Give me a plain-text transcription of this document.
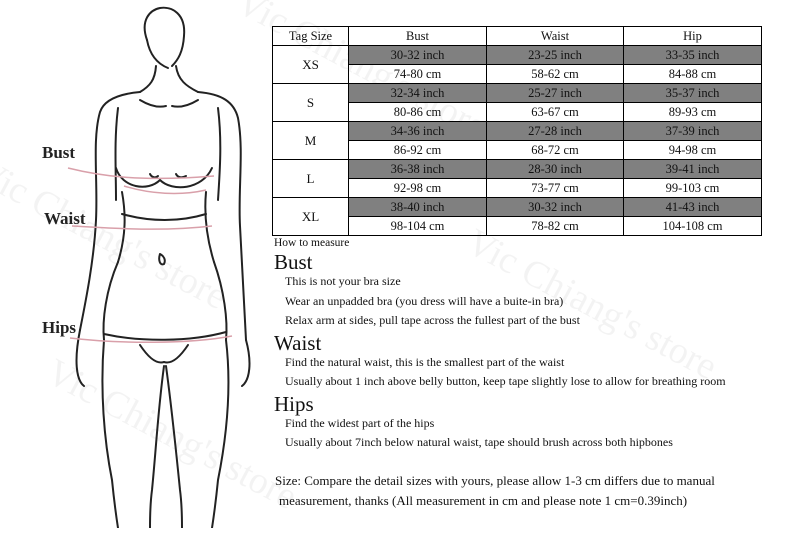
Bust
Waist
Hips
Tag Size	Bust	Waist	Hip
XS	30-32 inch	23-25 inch	33-35 inch
	74-80 cm	58-62 cm	84-88 cm
S	32-34 inch	25-27 inch	35-37 inch
	80-86 cm	63-67 cm	89-93 cm
M	34-36 inch	27-28 inch	37-39 inch
	86-92 cm	68-72 cm	94-98 cm
L	36-38 inch	28-30 inch	39-41 inch
	92-98 cm	73-77 cm	99-103 cm
XL	38-40 inch	30-32 inch	41-43 inch
	98-104 cm	78-82 cm	104-108 cm
How to measure
Bust
This is not your bra size
Wear an unpadded bra (you dress will have a buite-in bra)
Relax arm at sides, pull tape across the fullest part of the bust
Waist
Find the natural waist, this is the smallest part of the waist
Usually about 1 inch above belly button, keep tape slightly lose to allow for breathing room
Hips
Find the widest part of the hips
Usually about 7inch below natural waist, tape should brush across both hipbones
Size: Compare the detail sizes with yours, please allow 1-3 cm differs due to manual
measurement, thanks (All measurement in cm and please note 1 cm=0.39inch)
